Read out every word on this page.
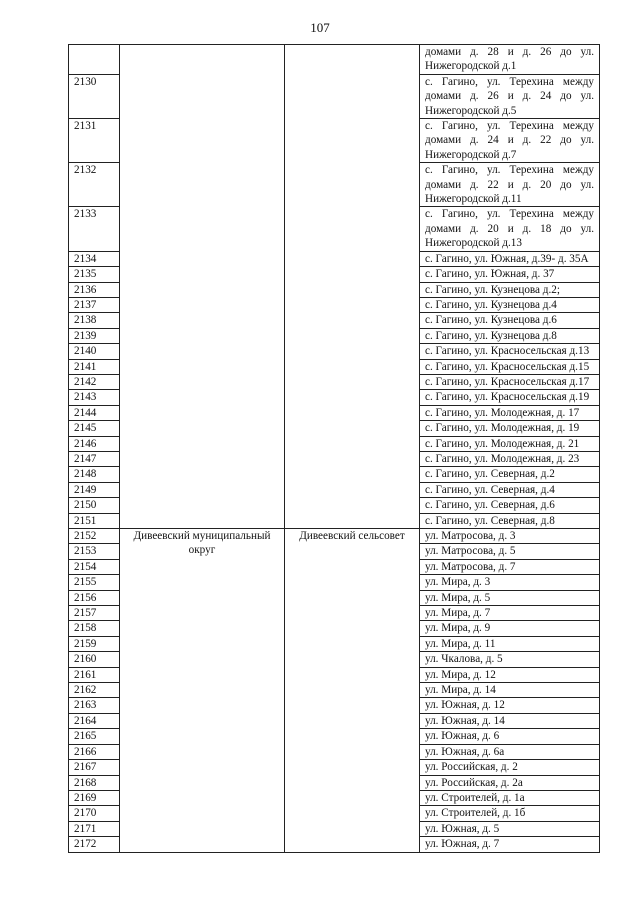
107
			домами д. 28 и д. 26 до ул. Нижегородской д.1
2130			с. Гагино, ул. Терехина между домами д. 26 и д. 24 до ул. Нижегородской д.5
2131			с. Гагино, ул. Терехина между домами д. 24 и д. 22 до ул. Нижегородской д.7
2132			с. Гагино, ул. Терехина между домами д. 22 и д. 20 до ул. Нижегородской д.11
2133			с. Гагино, ул. Терехина между домами д. 20 и д. 18 до ул. Нижегородской д.13
2134			с. Гагино, ул. Южная, д.39- д. 35А
2135			с. Гагино, ул. Южная, д. 37
2136			с. Гагино, ул. Кузнецова д.2;
2137			с. Гагино, ул. Кузнецова д.4
2138			с. Гагино, ул. Кузнецова д.6
2139			с. Гагино, ул. Кузнецова д.8
2140			с. Гагино, ул. Красносельская д.13
2141			с. Гагино, ул. Красносельская д.15
2142			с. Гагино, ул. Красносельская д.17
2143			с. Гагино, ул. Красносельская д.19
2144			с. Гагино, ул. Молодежная, д. 17
2145			с. Гагино, ул. Молодежная, д. 19
2146			с. Гагино, ул. Молодежная, д. 21
2147			с. Гагино, ул. Молодежная, д. 23
2148			с. Гагино, ул. Северная, д.2
2149			с. Гагино, ул. Северная, д.4
2150			с. Гагино, ул. Северная, д.6
2151			с. Гагино, ул. Северная, д.8
2152	Дивеевский муниципальный округ	Дивеевский сельсовет	ул. Матросова, д. 3
2153			ул. Матросова, д. 5
2154			ул. Матросова, д. 7
2155			ул. Мира, д. 3
2156			ул. Мира, д. 5
2157			ул. Мира, д. 7
2158			ул. Мира, д. 9
2159			ул. Мира, д. 11
2160			ул. Чкалова, д. 5
2161			ул. Мира, д. 12
2162			ул. Мира, д. 14
2163			ул. Южная, д. 12
2164			ул. Южная, д. 14
2165			ул. Южная, д. 6
2166			ул. Южная, д. 6а
2167			ул. Российская, д. 2
2168			ул. Российская, д. 2а
2169			ул. Строителей, д. 1а
2170			ул. Строителей, д. 1б
2171			ул. Южная, д. 5
2172			ул. Южная, д. 7
